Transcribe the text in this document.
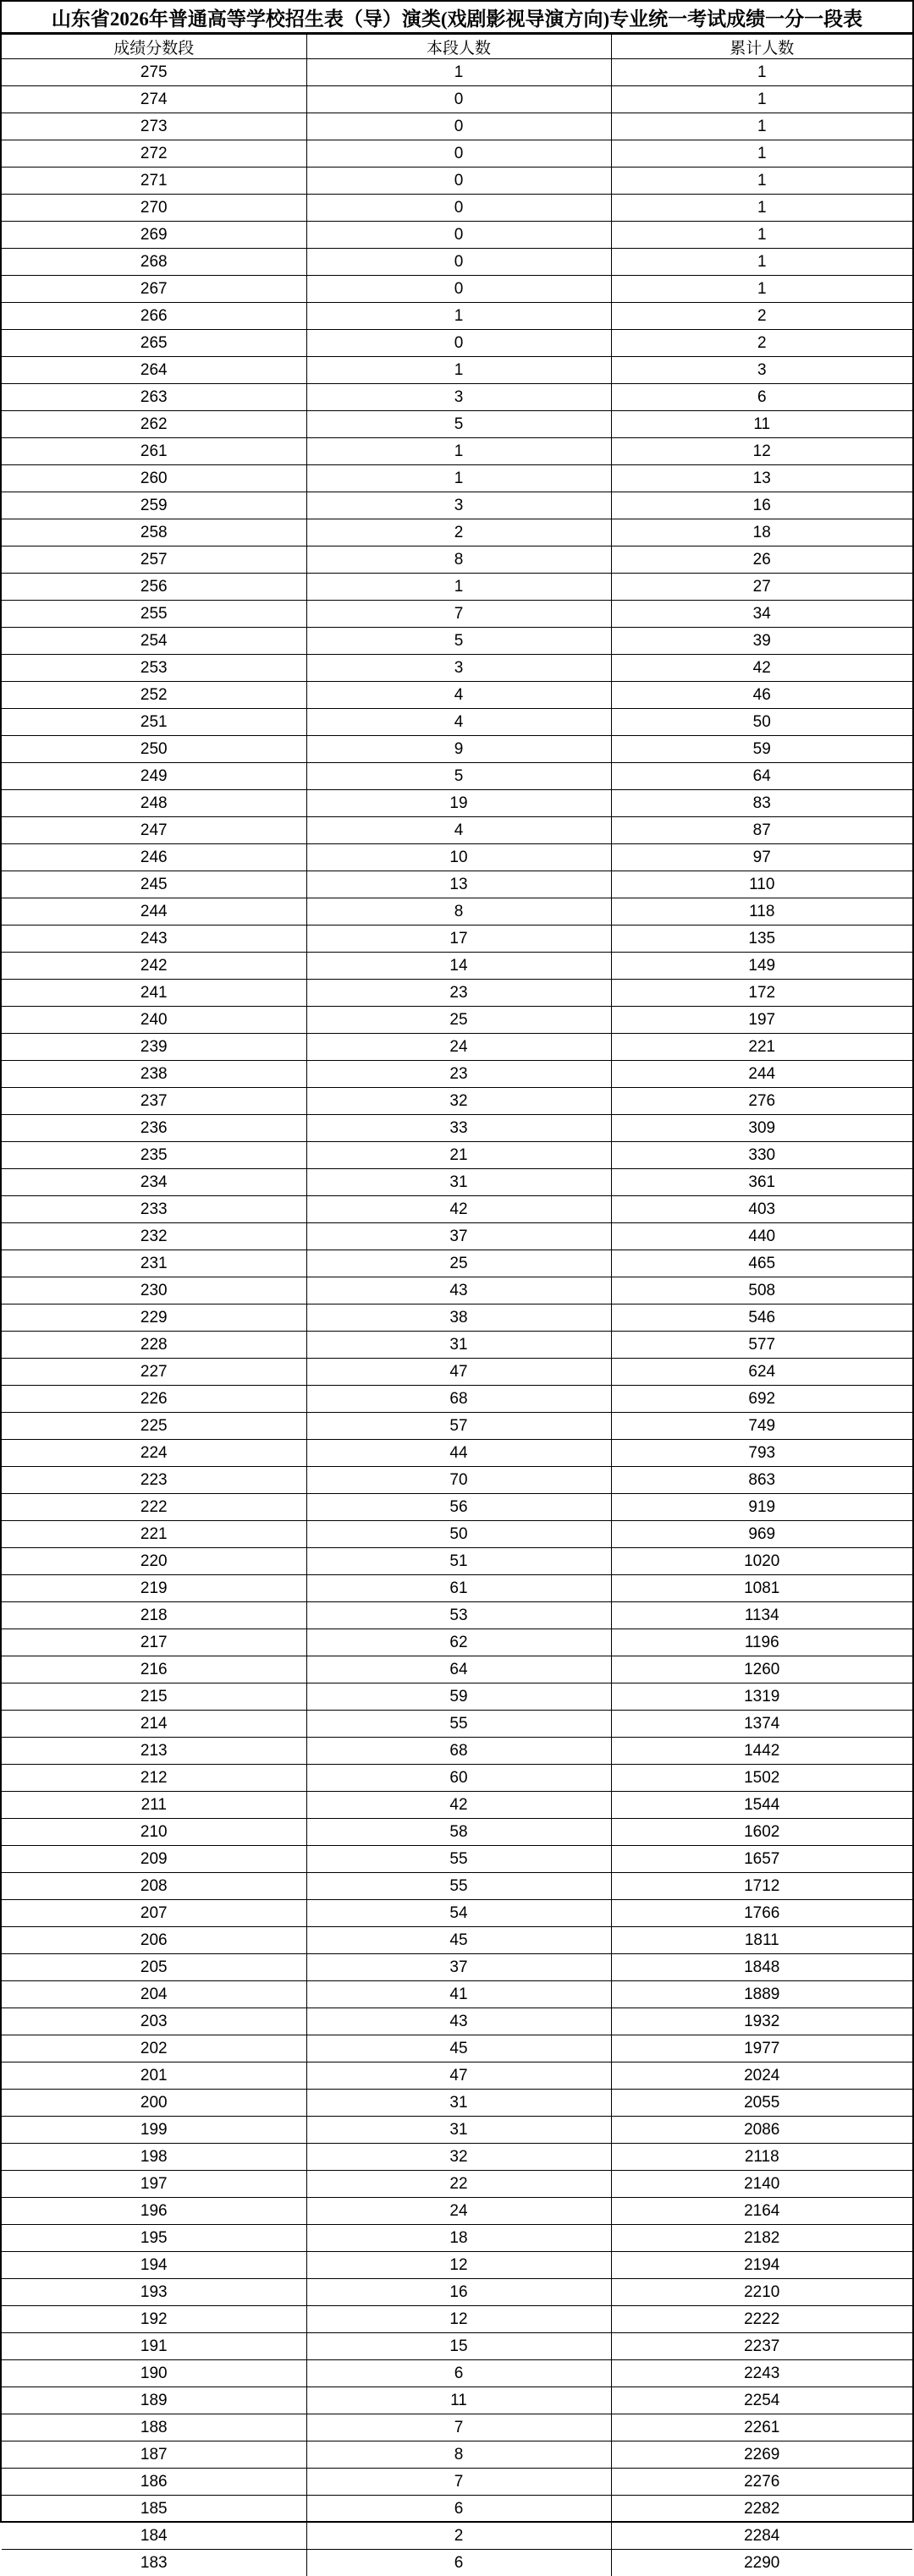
山东省2026年普通高等学校招生表（导）演类(戏剧影视导演方向)专业统一考试成绩一分一段表
成绩分数段	本段人数	累计人数
275	1	1
274	0	1
273	0	1
272	0	1
271	0	1
270	0	1
269	0	1
268	0	1
267	0	1
266	1	2
265	0	2
264	1	3
263	3	6
262	5	11
261	1	12
260	1	13
259	3	16
258	2	18
257	8	26
256	1	27
255	7	34
254	5	39
253	3	42
252	4	46
251	4	50
250	9	59
249	5	64
248	19	83
247	4	87
246	10	97
245	13	110
244	8	118
243	17	135
242	14	149
241	23	172
240	25	197
239	24	221
238	23	244
237	32	276
236	33	309
235	21	330
234	31	361
233	42	403
232	37	440
231	25	465
230	43	508
229	38	546
228	31	577
227	47	624
226	68	692
225	57	749
224	44	793
223	70	863
222	56	919
221	50	969
220	51	1020
219	61	1081
218	53	1134
217	62	1196
216	64	1260
215	59	1319
214	55	1374
213	68	1442
212	60	1502
211	42	1544
210	58	1602
209	55	1657
208	55	1712
207	54	1766
206	45	1811
205	37	1848
204	41	1889
203	43	1932
202	45	1977
201	47	2024
200	31	2055
199	31	2086
198	32	2118
197	22	2140
196	24	2164
195	18	2182
194	12	2194
193	16	2210
192	12	2222
191	15	2237
190	6	2243
189	11	2254
188	7	2261
187	8	2269
186	7	2276
185	6	2282
184	2	2284
183	6	2290
